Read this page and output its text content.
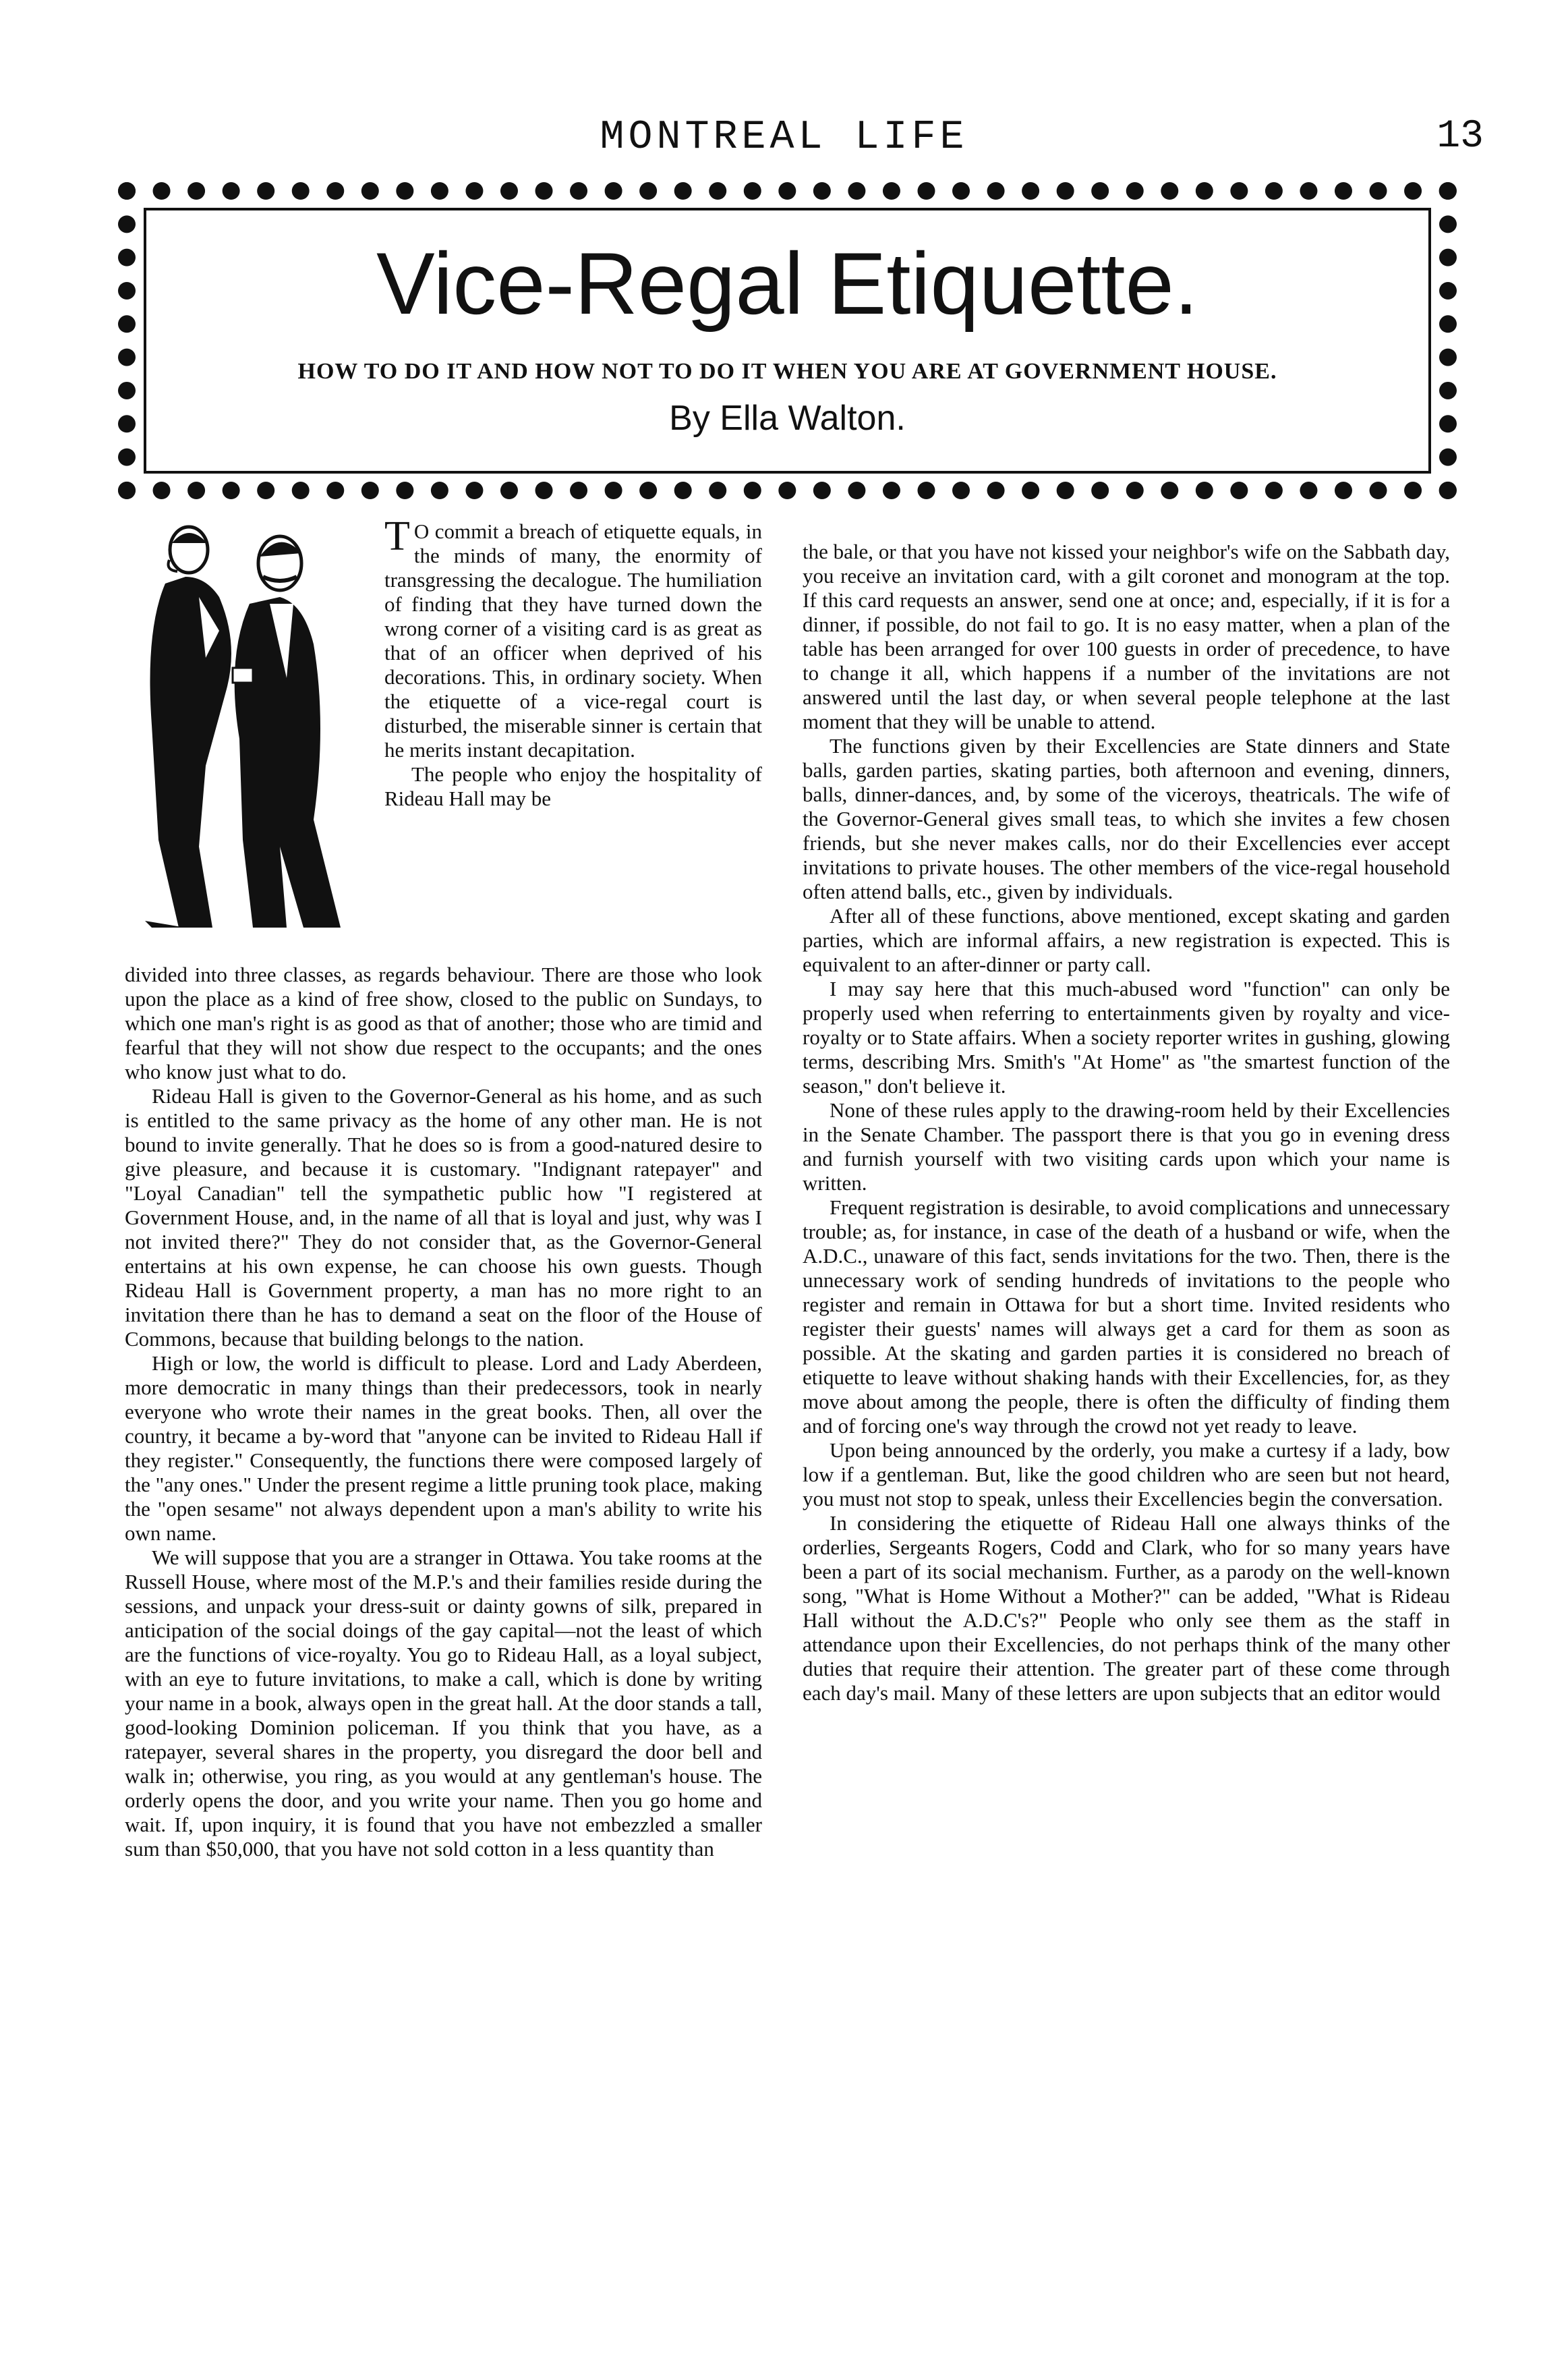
MONTREAL LIFE	13
Vice-Regal Etiquette.
HOW TO DO IT AND HOW NOT TO DO IT WHEN YOU ARE AT GOVERNMENT HOUSE.
By Ella Walton.

T O commit a breach of etiquette equals, in the minds of many, the enormity of transgressing the decalogue. The humiliation of finding that they have turned down the wrong corner of a visiting card is as great as that of an officer when deprived of his decorations. This, in ordinary society. When the etiquette of a vice-regal court is disturbed, the miserable sinner is certain that he merits instant decapitation.

The people who enjoy the hospitality of Rideau Hall may be

divided into three classes, as regards behaviour. There are those who look upon the place as a kind of free show, closed to the public on Sundays, to which one man's right is as good as that of another; those who are timid and fearful that they will not show due respect to the occupants; and the ones who know just what to do.

Rideau Hall is given to the Governor-General as his home, and as such is entitled to the same privacy as the home of any other man. He is not bound to invite generally. That he does so is from a good-natured desire to give pleasure, and because it is customary. "Indignant ratepayer" and "Loyal Canadian" tell the sympathetic public how "I registered at Government House, and, in the name of all that is loyal and just, why was I not invited there?" They do not consider that, as the Governor-General entertains at his own expense, he can choose his own guests. Though Rideau Hall is Government property, a man has no more right to an invitation there than he has to demand a seat on the floor of the House of Commons, because that building belongs to the nation.

High or low, the world is difficult to please. Lord and Lady Aberdeen, more democratic in many things than their predecessors, took in nearly everyone who wrote their names in the great books. Then, all over the country, it became a by-word that "anyone can be invited to Rideau Hall if they register." Consequently, the functions there were composed largely of the "any ones." Under the present regime a little pruning took place, making the "open sesame" not always dependent upon a man's ability to write his own name.

We will suppose that you are a stranger in Ottawa. You take rooms at the Russell House, where most of the M.P.'s and their families reside during the sessions, and unpack your dress-suit or dainty gowns of silk, prepared in anticipation of the social doings of the gay capital—not the least of which are the functions of vice-royalty. You go to Rideau Hall, as a loyal subject, with an eye to future invitations, to make a call, which is done by writing your name in a book, always open in the great hall. At the door stands a tall, good-looking Dominion policeman. If you think that you have, as a ratepayer, several shares in the property, you disregard the door bell and walk in; otherwise, you ring, as you would at any gentleman's house. The orderly opens the door, and you write your name. Then you go home and wait. If, upon inquiry, it is found that you have not embezzled a smaller sum than $50,000, that you have not sold cotton in a less quantity than

the bale, or that you have not kissed your neighbor's wife on the Sabbath day, you receive an invitation card, with a gilt coronet and monogram at the top. If this card requests an answer, send one at once; and, especially, if it is for a dinner, if possible, do not fail to go. It is no easy matter, when a plan of the table has been arranged for over 100 guests in order of precedence, to have to change it all, which happens if a number of the invitations are not answered until the last day, or when several people telephone at the last moment that they will be unable to attend.

The functions given by their Excellencies are State dinners and State balls, garden parties, skating parties, both afternoon and evening, dinners, balls, dinner-dances, and, by some of the viceroys, theatricals. The wife of the Governor-General gives small teas, to which she invites a few chosen friends, but she never makes calls, nor do their Excellencies ever accept invitations to private houses. The other members of the vice-regal household often attend balls, etc., given by individuals.

After all of these functions, above mentioned, except skating and garden parties, which are informal affairs, a new registration is expected. This is equivalent to an after-dinner or party call.

I may say here that this much-abused word "function" can only be properly used when referring to entertainments given by royalty and vice-royalty or to State affairs. When a society reporter writes in gushing, glowing terms, describing Mrs. Smith's "At Home" as "the smartest function of the season," don't believe it.

None of these rules apply to the drawing-room held by their Excellencies in the Senate Chamber. The passport there is that you go in evening dress and furnish yourself with two visiting cards upon which your name is written.

Frequent registration is desirable, to avoid complications and unnecessary trouble; as, for instance, in case of the death of a husband or wife, when the A.D.C., unaware of this fact, sends invitations for the two. Then, there is the unnecessary work of sending hundreds of invitations to the people who register and remain in Ottawa for but a short time. Invited residents who register their guests' names will always get a card for them as soon as possible. At the skating and garden parties it is considered no breach of etiquette to leave without shaking hands with their Excellencies, for, as they move about among the people, there is often the difficulty of finding them and of forcing one's way through the crowd not yet ready to leave.

Upon being announced by the orderly, you make a curtesy if a lady, bow low if a gentleman. But, like the good children who are seen but not heard, you must not stop to speak, unless their Excellencies begin the conversation.

In considering the etiquette of Rideau Hall one always thinks of the orderlies, Sergeants Rogers, Codd and Clark, who for so many years have been a part of its social mechanism. Further, as a parody on the well-known song, "What is Home Without a Mother?" can be added, "What is Rideau Hall without the A.D.C's?" People who only see them as the staff in attendance upon their Excellencies, do not perhaps think of the many other duties that require their attention. The greater part of these come through each day's mail. Many of these letters are upon subjects that an editor would
